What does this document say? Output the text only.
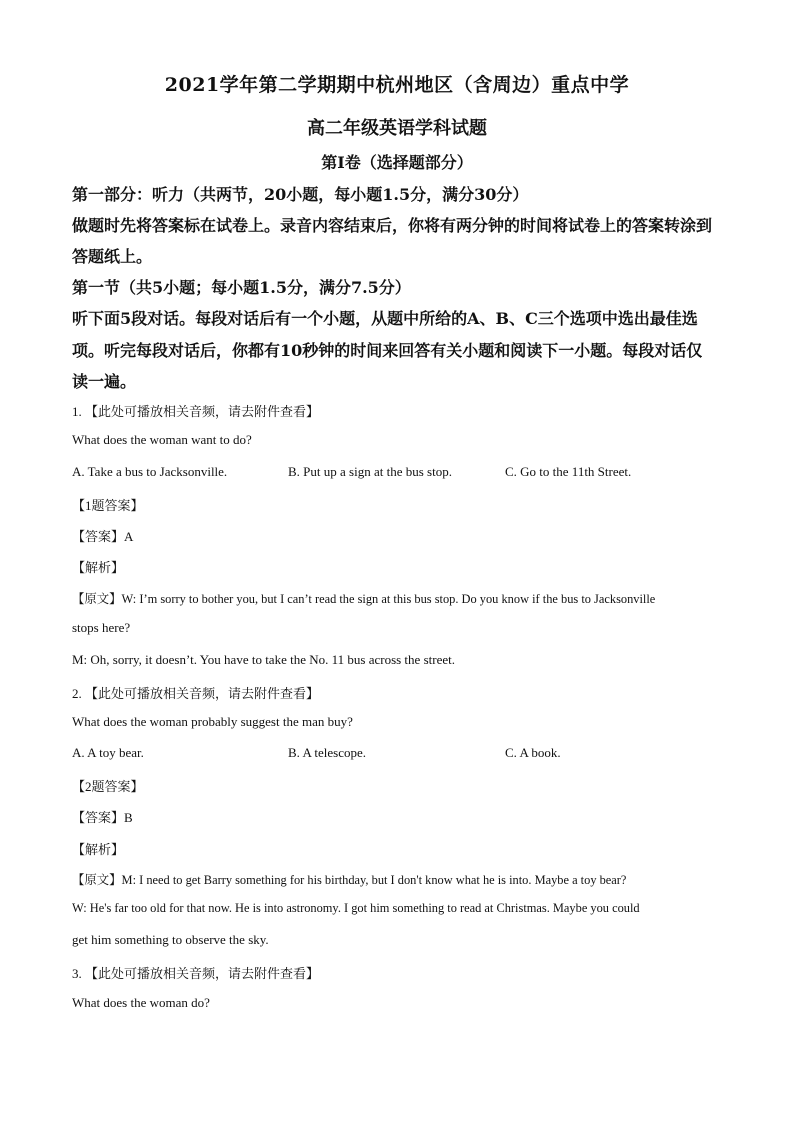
2021学年第二学期期中杭州地区（含周边）重点中学
高二年级英语学科试题
第Ⅰ卷（选择题部分）
第一部分：听力（共两节，20小题，每小题1.5分，满分30分）
做题时先将答案标在试卷上。录音内容结束后，你将有两分钟的时间将试卷上的答案转涂到
答题纸上。
第一节（共5小题；每小题1.5分，满分7.5分）
听下面5段对话。每段对话后有一个小题，从题中所给的A、B、C三个选项中选出最佳选
项。听完每段对话后，你都有10秒钟的时间来回答有关小题和阅读下一小题。每段对话仅
读一遍。
1. 【此处可播放相关音频，请去附件查看】
What does the woman want to do?
A. Take a bus to Jacksonville.	B. Put up a sign at the bus stop.	C. Go to the 11th Street.
【1题答案】
【答案】A
【解析】
【原文】W: I’m sorry to bother you, but I can’t read the sign at this bus stop. Do you know if the bus to Jacksonville
stops here?
M: Oh, sorry, it doesn’t. You have to take the No. 11 bus across the street.
2. 【此处可播放相关音频，请去附件查看】
What does the woman probably suggest the man buy?
A. A toy bear.	B. A telescope.	C. A book.
【2题答案】
【答案】B
【解析】
【原文】M: I need to get Barry something for his birthday, but I don't know what he is into. Maybe a toy bear?
W: He's far too old for that now. He is into astronomy. I got him something to read at Christmas. Maybe you could
get him something to observe the sky.
3. 【此处可播放相关音频，请去附件查看】
What does the woman do?
